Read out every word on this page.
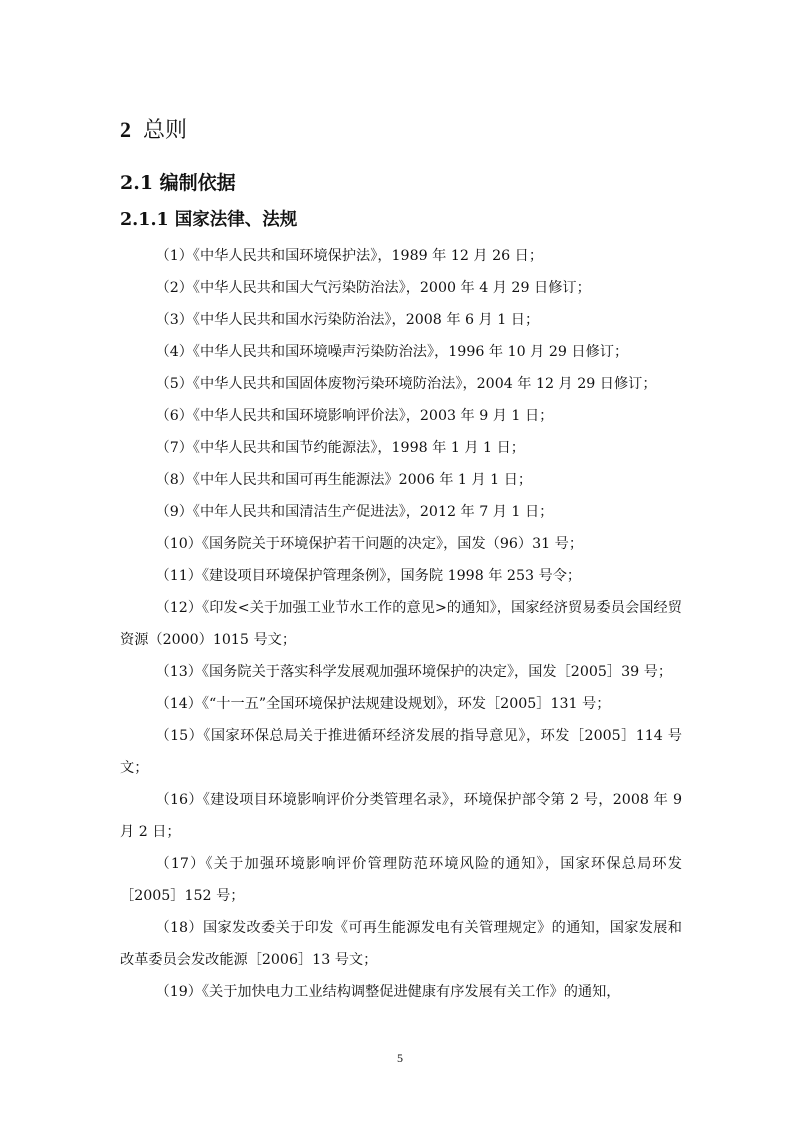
2 总则
2.1 编制依据
2.1.1 国家法律、法规
（1）《中华人民共和国环境保护法》，1989 年 12 月 26 日；
（2）《中华人民共和国大气污染防治法》，2000 年 4 月 29 日修订；
（3）《中华人民共和国水污染防治法》，2008 年 6 月 1 日；
（4）《中华人民共和国环境噪声污染防治法》，1996 年 10 月 29 日修订；
（5）《中华人民共和国固体废物污染环境防治法》，2004 年 12 月 29 日修订；
（6）《中华人民共和国环境影响评价法》，2003 年 9 月 1 日；
（7）《中华人民共和国节约能源法》，1998 年 1 月 1 日；
（8）《中年人民共和国可再生能源法》2006 年 1 月 1 日；
（9）《中年人民共和国清洁生产促进法》，2012 年 7 月 1 日；
（10）《国务院关于环境保护若干问题的决定》，国发（96）31 号；
（11）《建设项目环境保护管理条例》，国务院 1998 年 253 号令；
（12）《印发<关于加强工业节水工作的意见>的通知》，国家经济贸易委员会国经贸资源（2000）1015 号文；
（13）《国务院关于落实科学发展观加强环境保护的决定》，国发［2005］39 号；
（14）《“十一五”全国环境保护法规建设规划》，环发［2005］131 号；
（15）《国家环保总局关于推进循环经济发展的指导意见》，环发［2005］114 号文；
（16）《建设项目环境影响评价分类管理名录》，环境保护部令第 2 号，2008 年 9 月 2 日；
（17）《关于加强环境影响评价管理防范环境风险的通知》，国家环保总局环发［2005］152 号；
（18）国家发改委关于印发《可再生能源发电有关管理规定》的通知，国家发展和改革委员会发改能源［2006］13 号文；
（19）《关于加快电力工业结构调整促进健康有序发展有关工作》的通知，
5
